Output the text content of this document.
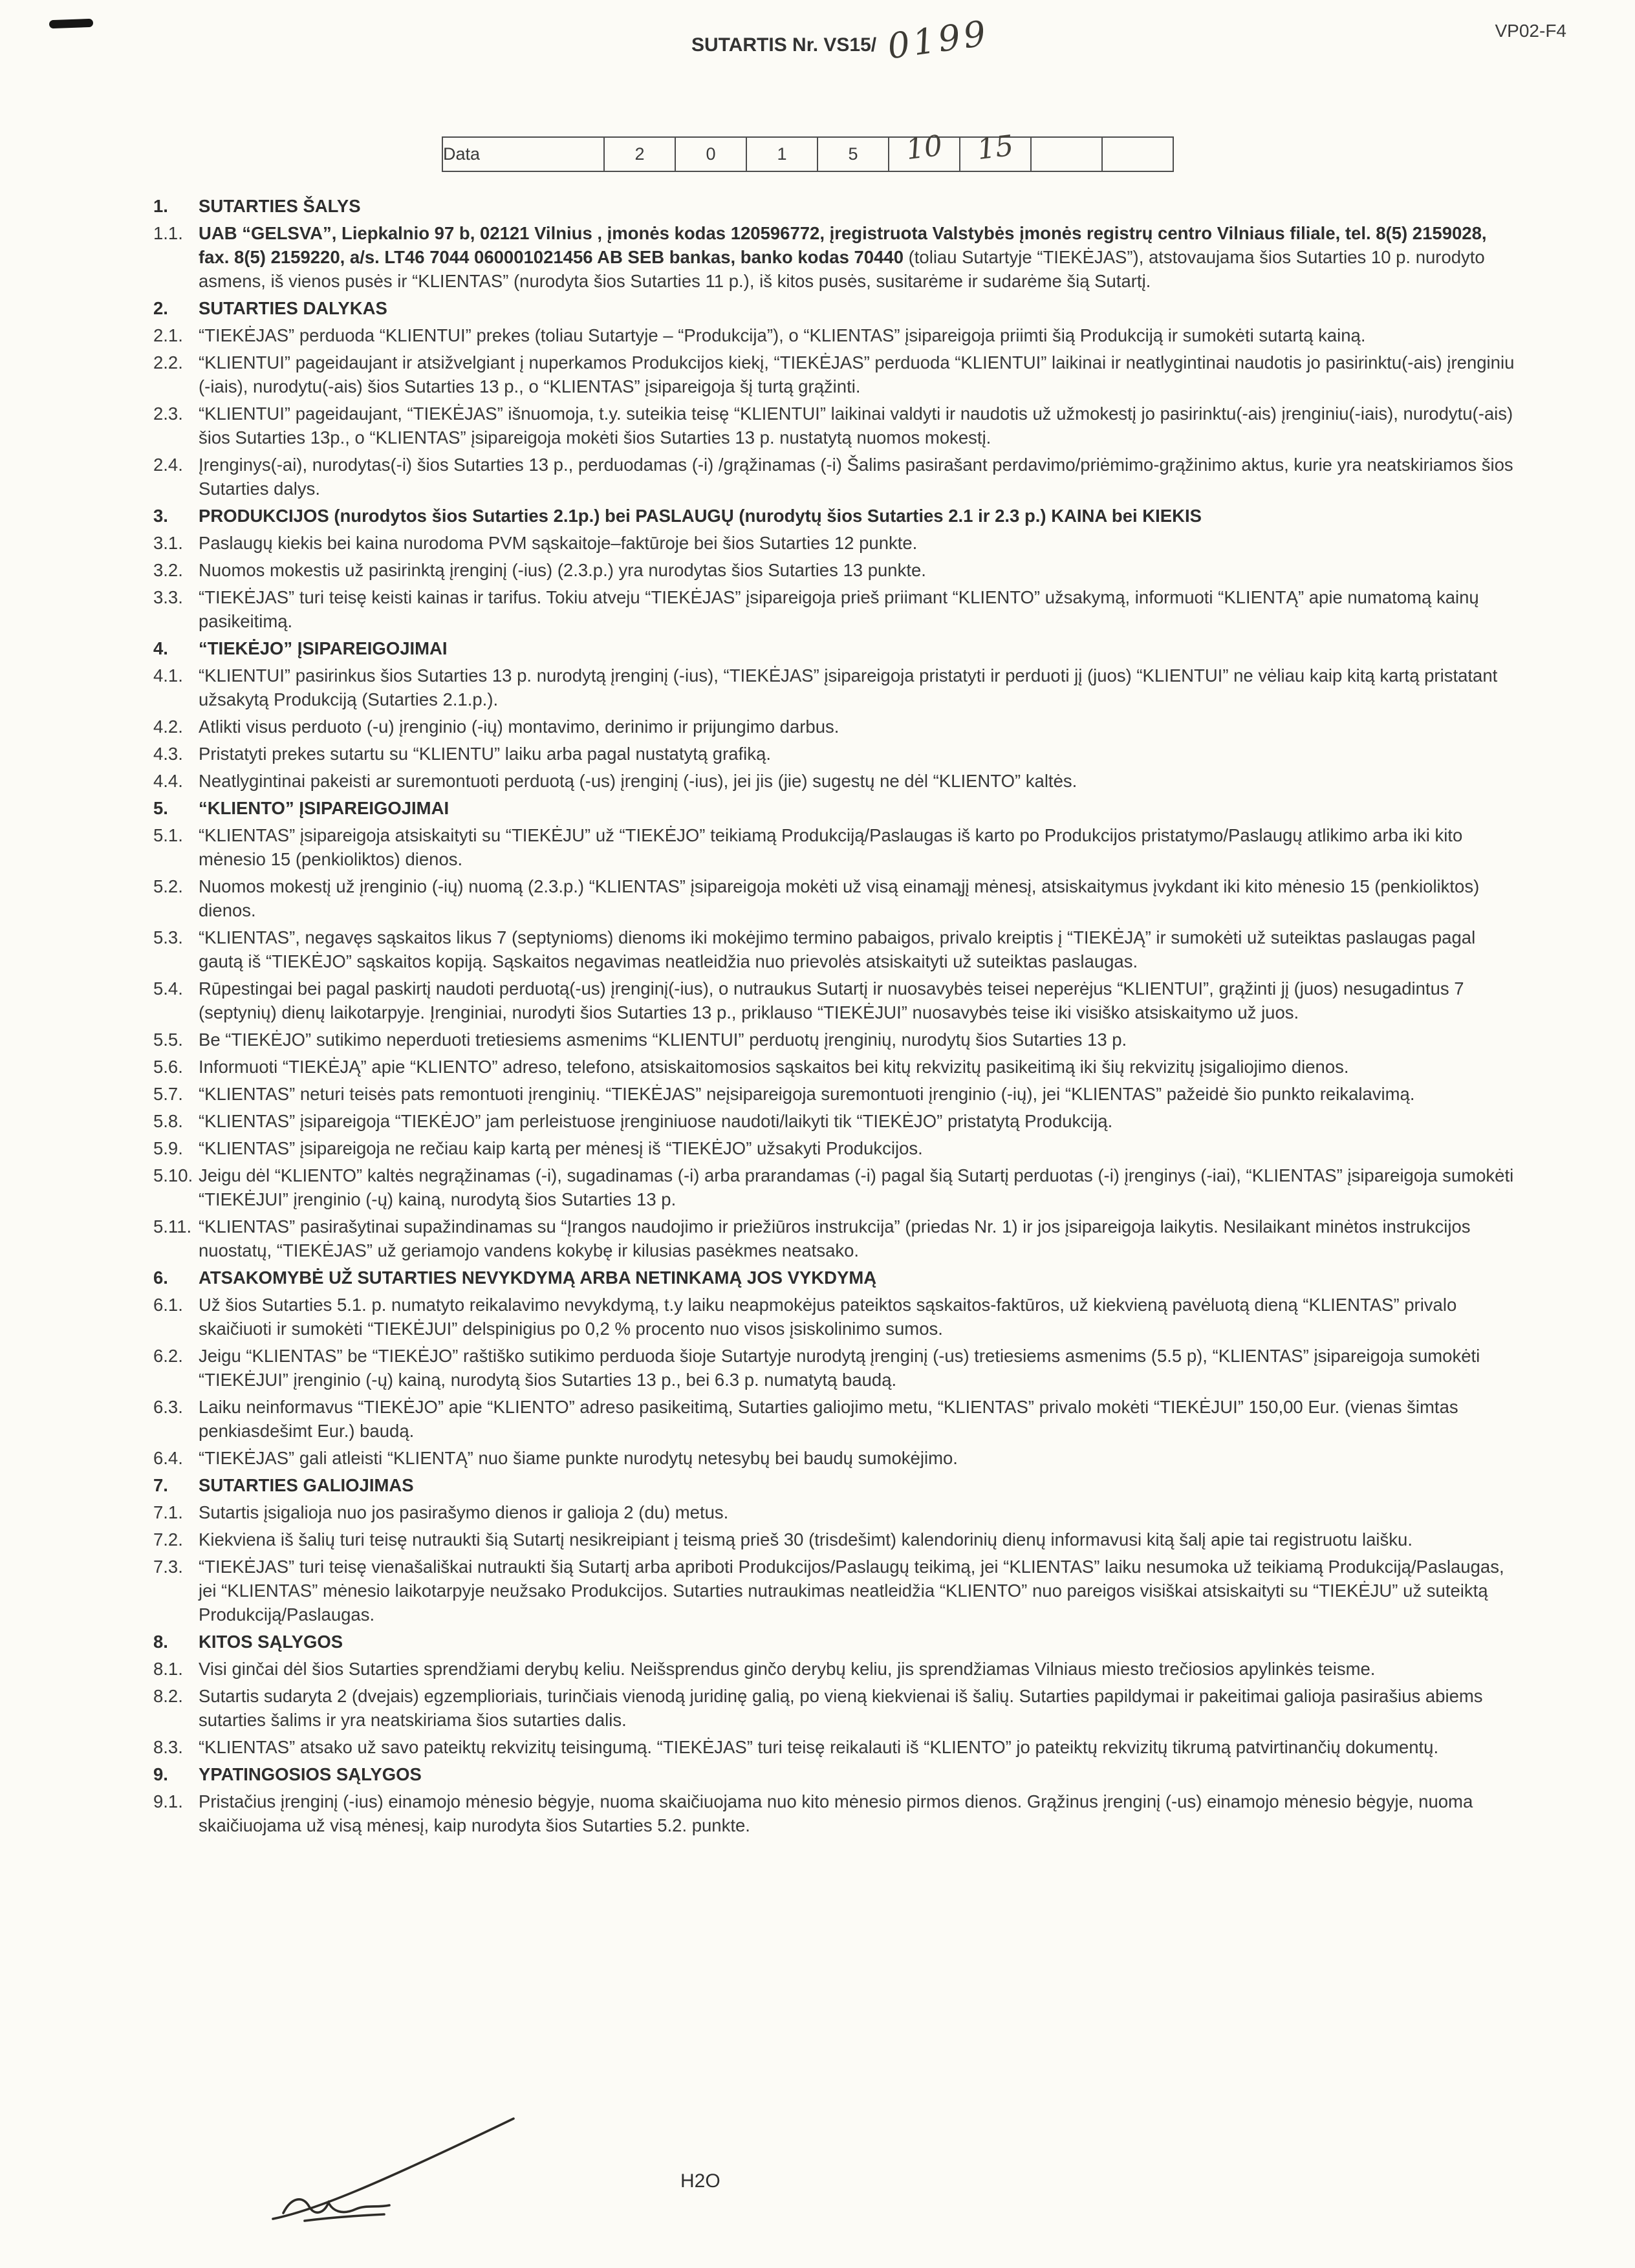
VP02-F4
SUTARTIS Nr. VS15/ 0199
Data	2	0	1	5	10	15		
1. SUTARTIES ŠALYS
1.1. UAB “GELSVA”, Liepkalnio 97 b, 02121 Vilnius , įmonės kodas 120596772, įregistruota Valstybės įmonės registrų centro Vilniaus filiale, tel. 8(5) 2159028, fax. 8(5) 2159220, a/s. LT46 7044 060001021456 AB SEB bankas, banko kodas 70440 (toliau Sutartyje “TIEKĖJAS”), atstovaujama šios Sutarties 10 p. nurodyto asmens, iš vienos pusės ir “KLIENTAS” (nurodyta šios Sutarties 11 p.), iš kitos pusės, susitarėme ir sudarėme šią Sutartį.
2. SUTARTIES DALYKAS
2.1. “TIEKĖJAS” perduoda “KLIENTUI” prekes (toliau Sutartyje – “Produkcija”), o “KLIENTAS” įsipareigoja priimti šią Produkciją ir sumokėti sutartą kainą.
2.2. “KLIENTUI” pageidaujant ir atsižvelgiant į nuperkamos Produkcijos kiekį, “TIEKĖJAS” perduoda “KLIENTUI” laikinai ir neatlygintinai naudotis jo pasirinktu(-ais) įrenginiu (-iais), nurodytu(-ais) šios Sutarties 13 p., o “KLIENTAS” įsipareigoja šį turtą grąžinti.
2.3. “KLIENTUI” pageidaujant, “TIEKĖJAS” išnuomoja, t.y. suteikia teisę “KLIENTUI” laikinai valdyti ir naudotis už užmokestį jo pasirinktu(-ais) įrenginiu(-iais), nurodytu(-ais) šios Sutarties 13p., o “KLIENTAS” įsipareigoja mokėti šios Sutarties 13 p. nustatytą nuomos mokestį.
2.4. Įrenginys(-ai), nurodytas(-i) šios Sutarties 13 p., perduodamas (-i) /grąžinamas (-i) Šalims pasirašant perdavimo/priėmimo-grąžinimo aktus, kurie yra neatskiriamos šios Sutarties dalys.
3. PRODUKCIJOS (nurodytos šios Sutarties 2.1p.) bei PASLAUGŲ (nurodytų šios Sutarties 2.1 ir 2.3 p.) KAINA bei KIEKIS
3.1. Paslaugų kiekis bei kaina nurodoma PVM sąskaitoje–faktūroje bei šios Sutarties 12 punkte.
3.2. Nuomos mokestis už pasirinktą įrenginį (-ius) (2.3.p.) yra nurodytas šios Sutarties 13 punkte.
3.3. “TIEKĖJAS” turi teisę keisti kainas ir tarifus. Tokiu atveju “TIEKĖJAS” įsipareigoja prieš priimant “KLIENTO” užsakymą, informuoti “KLIENTĄ” apie numatomą kainų pasikeitimą.
4. “TIEKĖJO” ĮSIPAREIGOJIMAI
4.1. “KLIENTUI” pasirinkus šios Sutarties 13 p. nurodytą įrenginį (-ius), “TIEKĖJAS” įsipareigoja pristatyti ir perduoti jį (juos) “KLIENTUI” ne vėliau kaip kitą kartą pristatant užsakytą Produkciją (Sutarties 2.1.p.).
4.2. Atlikti visus perduoto (-u) įrenginio (-ių) montavimo, derinimo ir prijungimo darbus.
4.3. Pristatyti prekes sutartu su “KLIENTU” laiku arba pagal nustatytą grafiką.
4.4. Neatlygintinai pakeisti ar suremontuoti perduotą (-us) įrenginį (-ius), jei jis (jie) sugestų ne dėl “KLIENTO” kaltės.
5. “KLIENTO” ĮSIPAREIGOJIMAI
5.1. “KLIENTAS” įsipareigoja atsiskaityti su “TIEKĖJU” už “TIEKĖJO” teikiamą Produkciją/Paslaugas iš karto po Produkcijos pristatymo/Paslaugų atlikimo arba iki kito mėnesio 15 (penkioliktos) dienos.
5.2. Nuomos mokestį už įrenginio (-ių) nuomą (2.3.p.) “KLIENTAS” įsipareigoja mokėti už visą einamąjį mėnesį, atsiskaitymus įvykdant iki kito mėnesio 15 (penkioliktos) dienos.
5.3. “KLIENTAS”, negavęs sąskaitos likus 7 (septynioms) dienoms iki mokėjimo termino pabaigos, privalo kreiptis į “TIEKĖJĄ” ir sumokėti už suteiktas paslaugas pagal gautą iš “TIEKĖJO” sąskaitos kopiją. Sąskaitos negavimas neatleidžia nuo prievolės atsiskaityti už suteiktas paslaugas.
5.4. Rūpestingai bei pagal paskirtį naudoti perduotą(-us) įrenginį(-ius), o nutraukus Sutartį ir nuosavybės teisei neperėjus “KLIENTUI”, grąžinti jį (juos) nesugadintus 7 (septynių) dienų laikotarpyje. Įrenginiai, nurodyti šios Sutarties 13 p., priklauso “TIEKĖJUI” nuosavybės teise iki visiško atsiskaitymo už juos.
5.5. Be “TIEKĖJO” sutikimo neperduoti tretiesiems asmenims “KLIENTUI” perduotų įrenginių, nurodytų šios Sutarties 13 p.
5.6. Informuoti “TIEKĖJĄ” apie “KLIENTO” adreso, telefono, atsiskaitomosios sąskaitos bei kitų rekvizitų pasikeitimą iki šių rekvizitų įsigaliojimo dienos.
5.7. “KLIENTAS” neturi teisės pats remontuoti įrenginių. “TIEKĖJAS” neįsipareigoja suremontuoti įrenginio (-ių), jei “KLIENTAS” pažeidė šio punkto reikalavimą.
5.8. “KLIENTAS” įsipareigoja “TIEKĖJO” jam perleistuose įrenginiuose naudoti/laikyti tik “TIEKĖJO” pristatytą Produkciją.
5.9. “KLIENTAS” įsipareigoja ne rečiau kaip kartą per mėnesį iš “TIEKĖJO” užsakyti Produkcijos.
5.10. Jeigu dėl “KLIENTO” kaltės negrąžinamas (-i), sugadinamas (-i) arba prarandamas (-i) pagal šią Sutartį perduotas (-i) įrenginys (-iai), “KLIENTAS” įsipareigoja sumokėti “TIEKĖJUI” įrenginio (-ų) kainą, nurodytą šios Sutarties 13 p.
5.11. “KLIENTAS” pasirašytinai supažindinamas su “Įrangos naudojimo ir priežiūros instrukcija” (priedas Nr. 1) ir jos įsipareigoja laikytis. Nesilaikant minėtos instrukcijos nuostatų, “TIEKĖJAS” už geriamojo vandens kokybę ir kilusias pasėkmes neatsako.
6. ATSAKOMYBĖ UŽ SUTARTIES NEVYKDYMĄ ARBA NETINKAMĄ JOS VYKDYMĄ
6.1. Už šios Sutarties 5.1. p. numatyto reikalavimo nevykdymą, t.y laiku neapmokėjus pateiktos sąskaitos-faktūros, už kiekvieną pavėluotą dieną “KLIENTAS” privalo skaičiuoti ir sumokėti “TIEKĖJUI” delspinigius po 0,2 % procento nuo visos įsiskolinimo sumos.
6.2. Jeigu “KLIENTAS” be “TIEKĖJO” raštiško sutikimo perduoda šioje Sutartyje nurodytą įrenginį (-us) tretiesiems asmenims (5.5 p), “KLIENTAS” įsipareigoja sumokėti “TIEKĖJUI” įrenginio (-ų) kainą, nurodytą šios Sutarties 13 p., bei 6.3 p. numatytą baudą.
6.3. Laiku neinformavus “TIEKĖJO” apie “KLIENTO” adreso pasikeitimą, Sutarties galiojimo metu, “KLIENTAS” privalo mokėti “TIEKĖJUI” 150,00 Eur. (vienas šimtas penkiasdešimt Eur.) baudą.
6.4. “TIEKĖJAS” gali atleisti “KLIENTĄ” nuo šiame punkte nurodytų netesybų bei baudų sumokėjimo.
7. SUTARTIES GALIOJIMAS
7.1. Sutartis įsigalioja nuo jos pasirašymo dienos ir galioja 2 (du) metus.
7.2. Kiekviena iš šalių turi teisę nutraukti šią Sutartį nesikreipiant į teismą prieš 30 (trisdešimt) kalendorinių dienų informavusi kitą šalį apie tai registruotu laišku.
7.3. “TIEKĖJAS” turi teisę vienašališkai nutraukti šią Sutartį arba apriboti Produkcijos/Paslaugų teikimą, jei “KLIENTAS” laiku nesumoka už teikiamą Produkciją/Paslaugas, jei “KLIENTAS” mėnesio laikotarpyje neužsako Produkcijos. Sutarties nutraukimas neatleidžia “KLIENTO” nuo pareigos visiškai atsiskaityti su “TIEKĖJU” už suteiktą Produkciją/Paslaugas.
8. KITOS SĄLYGOS
8.1. Visi ginčai dėl šios Sutarties sprendžiami derybų keliu. Neišsprendus ginčo derybų keliu, jis sprendžiamas Vilniaus miesto trečiosios apylinkės teisme.
8.2. Sutartis sudaryta 2 (dvejais) egzemplioriais, turinčiais vienodą juridinę galią, po vieną kiekvienai iš šalių. Sutarties papildymai ir pakeitimai galioja pasirašius abiems sutarties šalims ir yra neatskiriama šios sutarties dalis.
8.3. “KLIENTAS” atsako už savo pateiktų rekvizitų teisingumą. “TIEKĖJAS” turi teisę reikalauti iš “KLIENTO” jo pateiktų rekvizitų tikrumą patvirtinančių dokumentų.
9. YPATINGOSIOS SĄLYGOS
9.1. Pristačius įrenginį (-ius) einamojo mėnesio bėgyje, nuoma skaičiuojama nuo kito mėnesio pirmos dienos. Grąžinus įrenginį (-us) einamojo mėnesio bėgyje, nuoma skaičiuojama už visą mėnesį, kaip nurodyta šios Sutarties 5.2. punkte.
H2O
